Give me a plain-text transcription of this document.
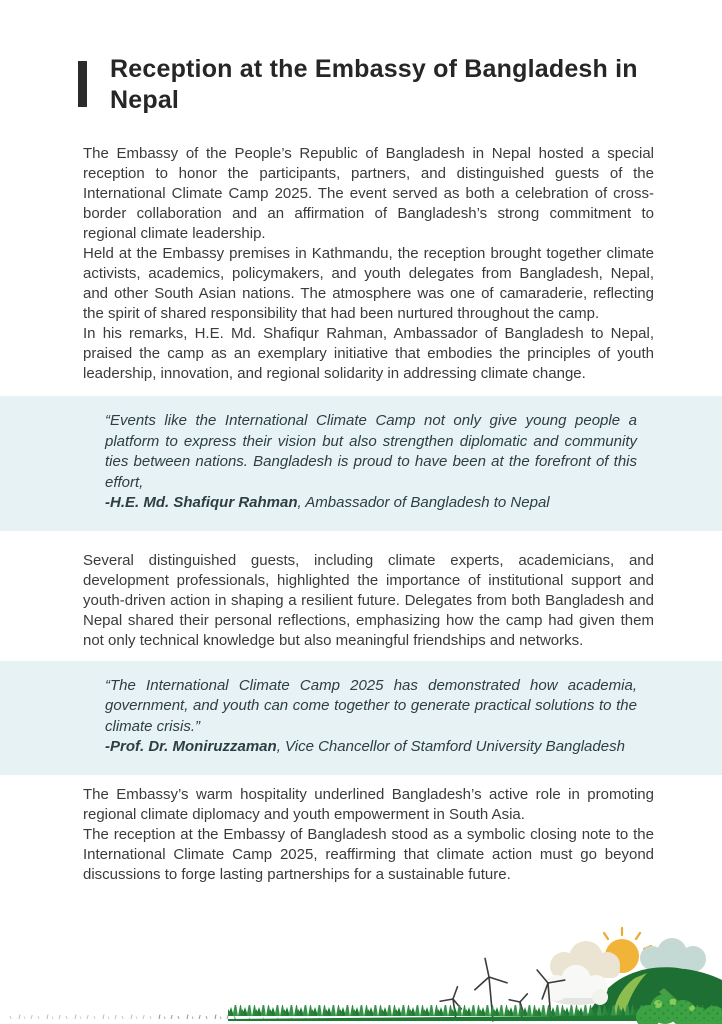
Reception at the Embassy of Bangladesh in Nepal

The Embassy of the People’s Republic of Bangladesh in Nepal hosted a special reception to honor the participants, partners, and distinguished guests of the International Climate Camp 2025. The event served as both a celebration of cross-border collaboration and an affirmation of Bangladesh’s strong commitment to regional climate leadership.

Held at the Embassy premises in Kathmandu, the reception brought together climate activists, academics, policymakers, and youth delegates from Bangladesh, Nepal, and other South Asian nations. The atmosphere was one of camaraderie, reflecting the spirit of shared responsibility that had been nurtured throughout the camp.

In his remarks, H.E. Md. Shafiqur Rahman, Ambassador of Bangladesh to Nepal, praised the camp as an exemplary initiative that embodies the principles of youth leadership, innovation, and regional solidarity in addressing climate change.

“Events like the International Climate Camp not only give young people a platform to express their vision but also strengthen diplomatic and community ties between nations. Bangladesh is proud to have been at the forefront of this effort,

-H.E. Md. Shafiqur Rahman, Ambassador of Bangladesh to Nepal

Several distinguished guests, including climate experts, academicians, and development professionals, highlighted the importance of institutional support and youth-driven action in shaping a resilient future. Delegates from both Bangladesh and Nepal shared their personal reflections, emphasizing how the camp had given them not only technical knowledge but also meaningful friendships and networks.

“The International Climate Camp 2025 has demonstrated how academia, government, and youth can come together to generate practical solutions to the climate crisis.”

-Prof. Dr. Moniruzzaman, Vice Chancellor of Stamford University Bangladesh

The Embassy’s warm hospitality underlined Bangladesh’s active role in promoting regional climate diplomacy and youth empowerment in South Asia.

The reception at the Embassy of Bangladesh stood as a symbolic closing note to the International Climate Camp 2025, reaffirming that climate action must go beyond discussions to forge lasting partnerships for a sustainable future.
